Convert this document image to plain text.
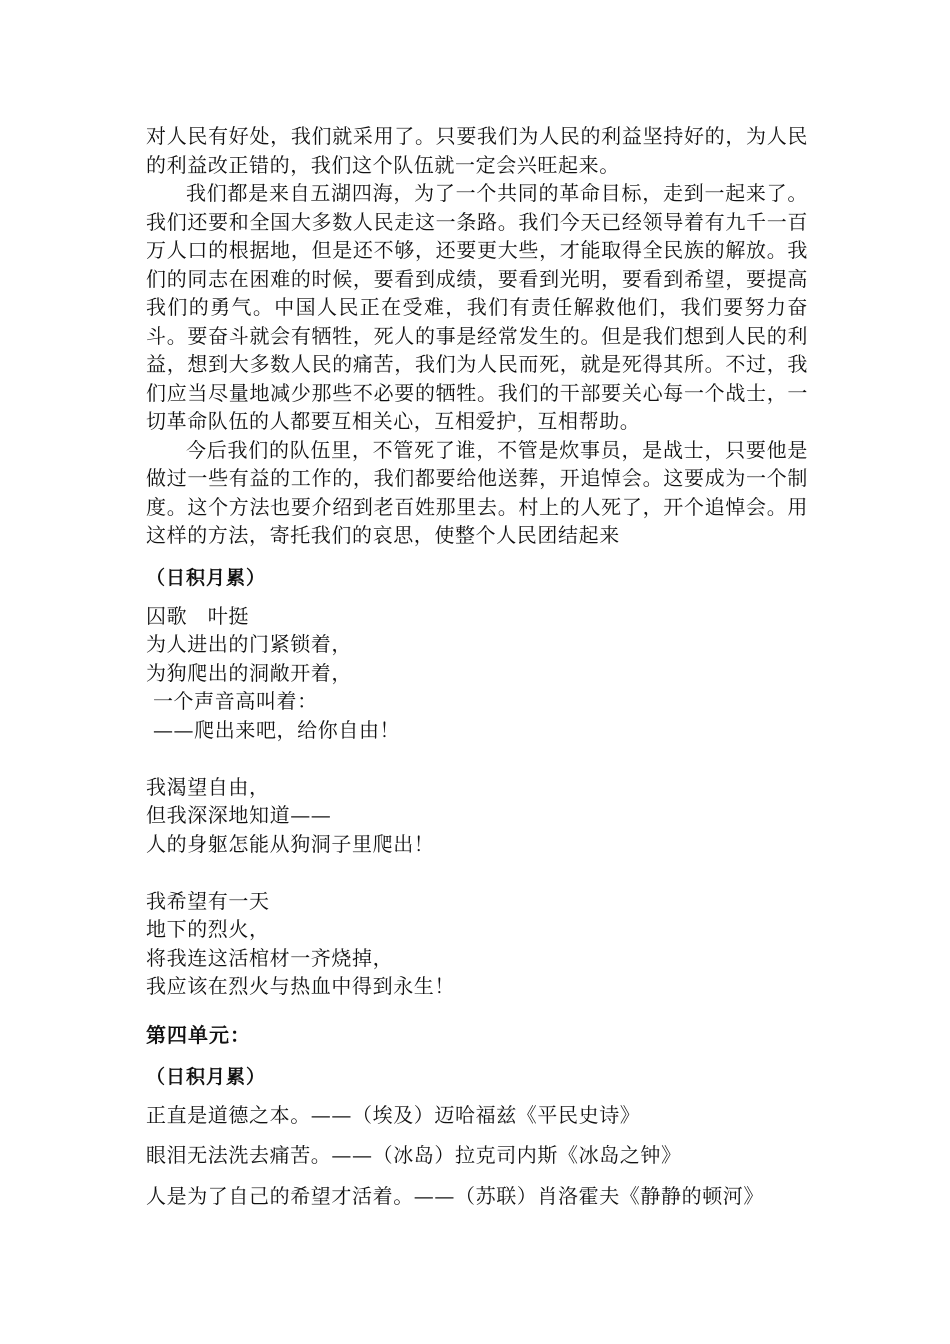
对人民有好处，我们就采用了。只要我们为人民的利益坚持好的，为人民的利益改正错的，我们这个队伍就一定会兴旺起来。

我们都是来自五湖四海，为了一个共同的革命目标，走到一起来了。我们还要和全国大多数人民走这一条路。我们今天已经领导着有九千一百万人口的根据地，但是还不够，还要更大些，才能取得全民族的解放。我们的同志在困难的时候，要看到成绩，要看到光明，要看到希望，要提高我们的勇气。中国人民正在受难，我们有责任解救他们，我们要努力奋斗。要奋斗就会有牺牲，死人的事是经常发生的。但是我们想到人民的利益，想到大多数人民的痛苦，我们为人民而死，就是死得其所。不过，我们应当尽量地减少那些不必要的牺牲。我们的干部要关心每一个战士，一切革命队伍的人都要互相关心，互相爱护，互相帮助。

今后我们的队伍里，不管死了谁，不管是炊事员，是战士，只要他是做过一些有益的工作的，我们都要给他送葬，开追悼会。这要成为一个制度。这个方法也要介绍到老百姓那里去。村上的人死了，开个追悼会。用这样的方法，寄托我们的哀思，使整个人民团结起来

（日积月累）

囚歌　叶挺
为人进出的门紧锁着，
为狗爬出的洞敞开着，
一个声音高叫着：
——爬出来吧，给你自由！
我渴望自由，
但我深深地知道——
人的身躯怎能从狗洞子里爬出！
我希望有一天
地下的烈火，
将我连这活棺材一齐烧掉，
我应该在烈火与热血中得到永生！

第四单元：

（日积月累）

正直是道德之本。——（埃及）迈哈福兹《平民史诗》

眼泪无法洗去痛苦。——（冰岛）拉克司内斯《冰岛之钟》

人是为了自己的希望才活着。——（苏联）肖洛霍夫《静静的顿河》
